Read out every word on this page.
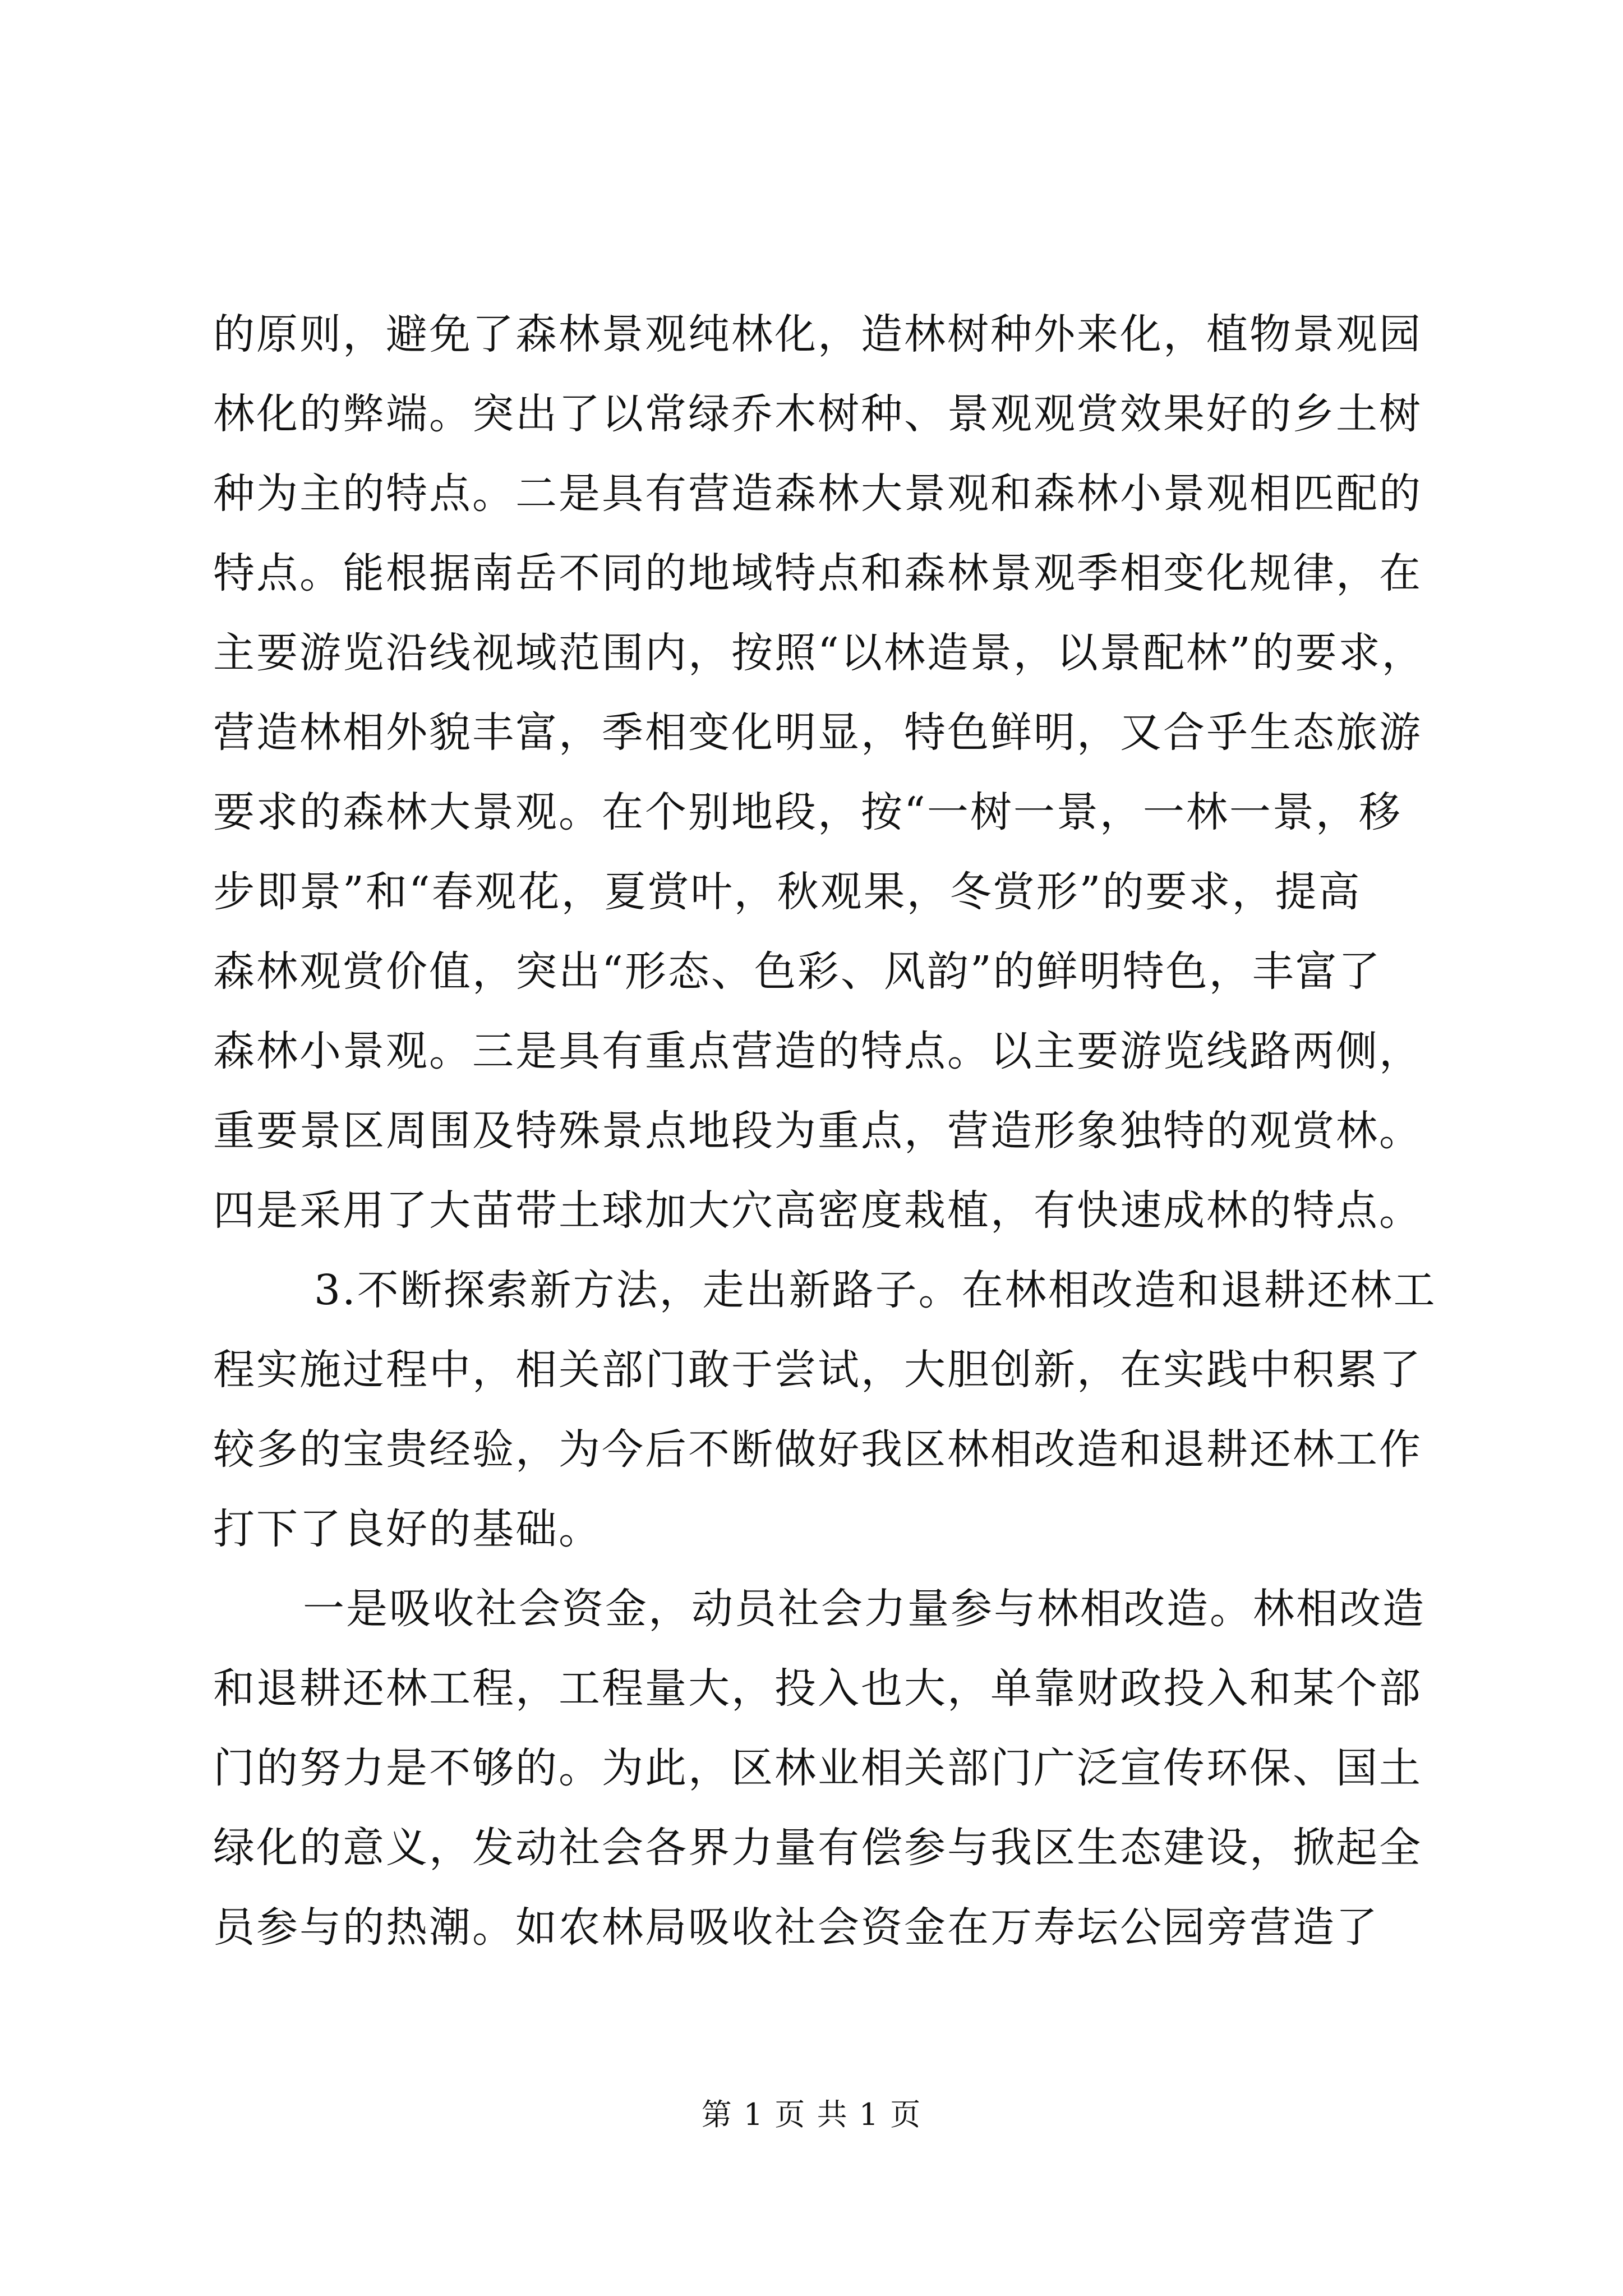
的原则，避免了森林景观纯林化，造林树种外来化，植物景观园
林化的弊端。突出了以常绿乔木树种、景观观赏效果好的乡土树
种为主的特点。二是具有营造森林大景观和森林小景观相匹配的
特点。能根据南岳不同的地域特点和森林景观季相变化规律，在
主要游览沿线视域范围内，按照“以林造景，以景配林”的要求，
营造林相外貌丰富，季相变化明显，特色鲜明，又合乎生态旅游
要求的森林大景观。在个别地段，按“一树一景，一林一景，移
步即景”和“春观花，夏赏叶，秋观果，冬赏形”的要求，提高
森林观赏价值，突出“形态、色彩、风韵”的鲜明特色，丰富了
森林小景观。三是具有重点营造的特点。以主要游览线路两侧，
重要景区周围及特殊景点地段为重点，营造形象独特的观赏林。
四是采用了大苗带土球加大穴高密度栽植，有快速成林的特点。
3.不断探索新方法，走出新路子。在林相改造和退耕还林工
程实施过程中，相关部门敢于尝试，大胆创新，在实践中积累了
较多的宝贵经验，为今后不断做好我区林相改造和退耕还林工作
打下了良好的基础。
一是吸收社会资金，动员社会力量参与林相改造。林相改造
和退耕还林工程，工程量大，投入也大，单靠财政投入和某个部
门的努力是不够的。为此，区林业相关部门广泛宣传环保、国土
绿化的意义，发动社会各界力量有偿参与我区生态建设，掀起全
员参与的热潮。如农林局吸收社会资金在万寿坛公园旁营造了
第 1 页 共 1 页
